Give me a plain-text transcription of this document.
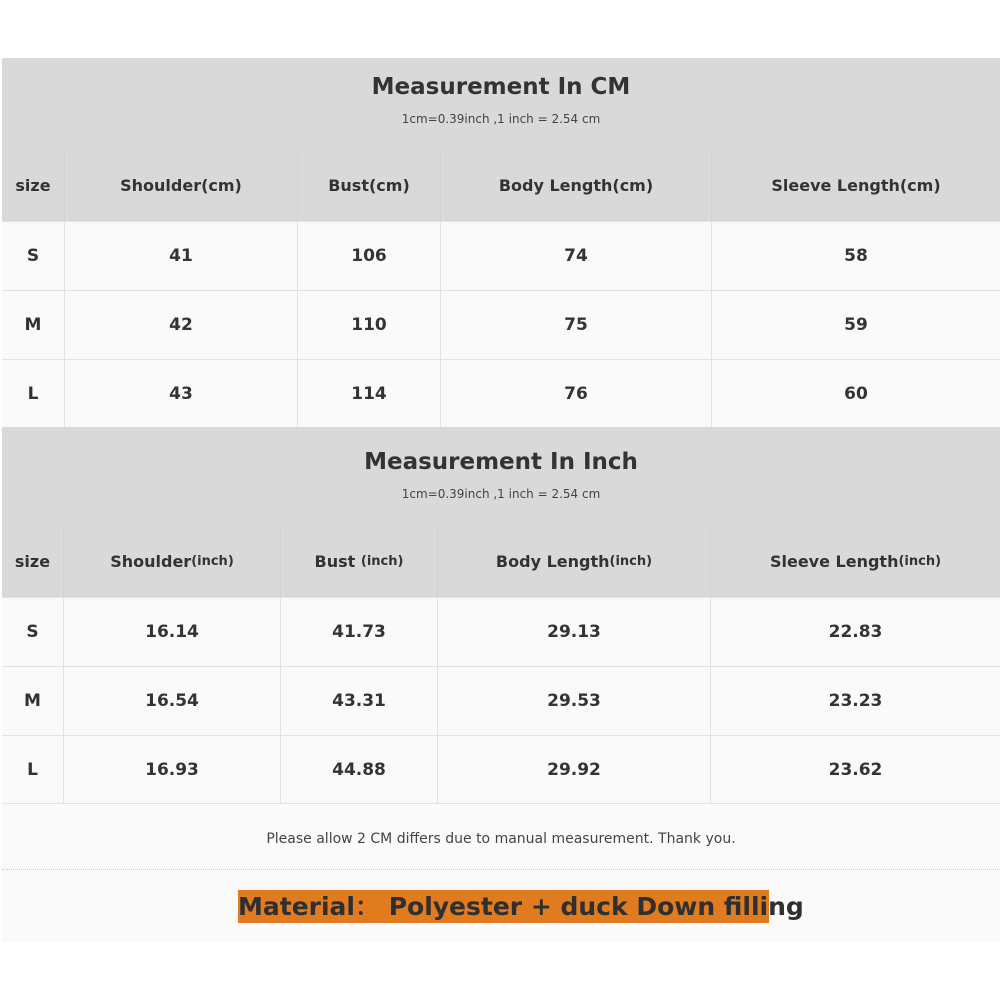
Measurement In CM
1cm=0.39inch ,1 inch = 2.54 cm
size	Shoulder(cm)	Bust(cm)	Body Length(cm)	Sleeve Length(cm)
S	41	106	74	58
M	42	110	75	59
L	43	114	76	60
Measurement In Inch
1cm=0.39inch ,1 inch = 2.54 cm
size	Shoulder (inch)	Bust (inch)	Body Length (inch)	Sleeve Length (inch)
S	16.14	41.73	29.13	22.83
M	16.54	43.31	29.53	23.23
L	16.93	44.88	29.92	23.62
Please allow 2 CM differs due to manual measurement. Thank you.
Material： Polyester + duck Down filling
